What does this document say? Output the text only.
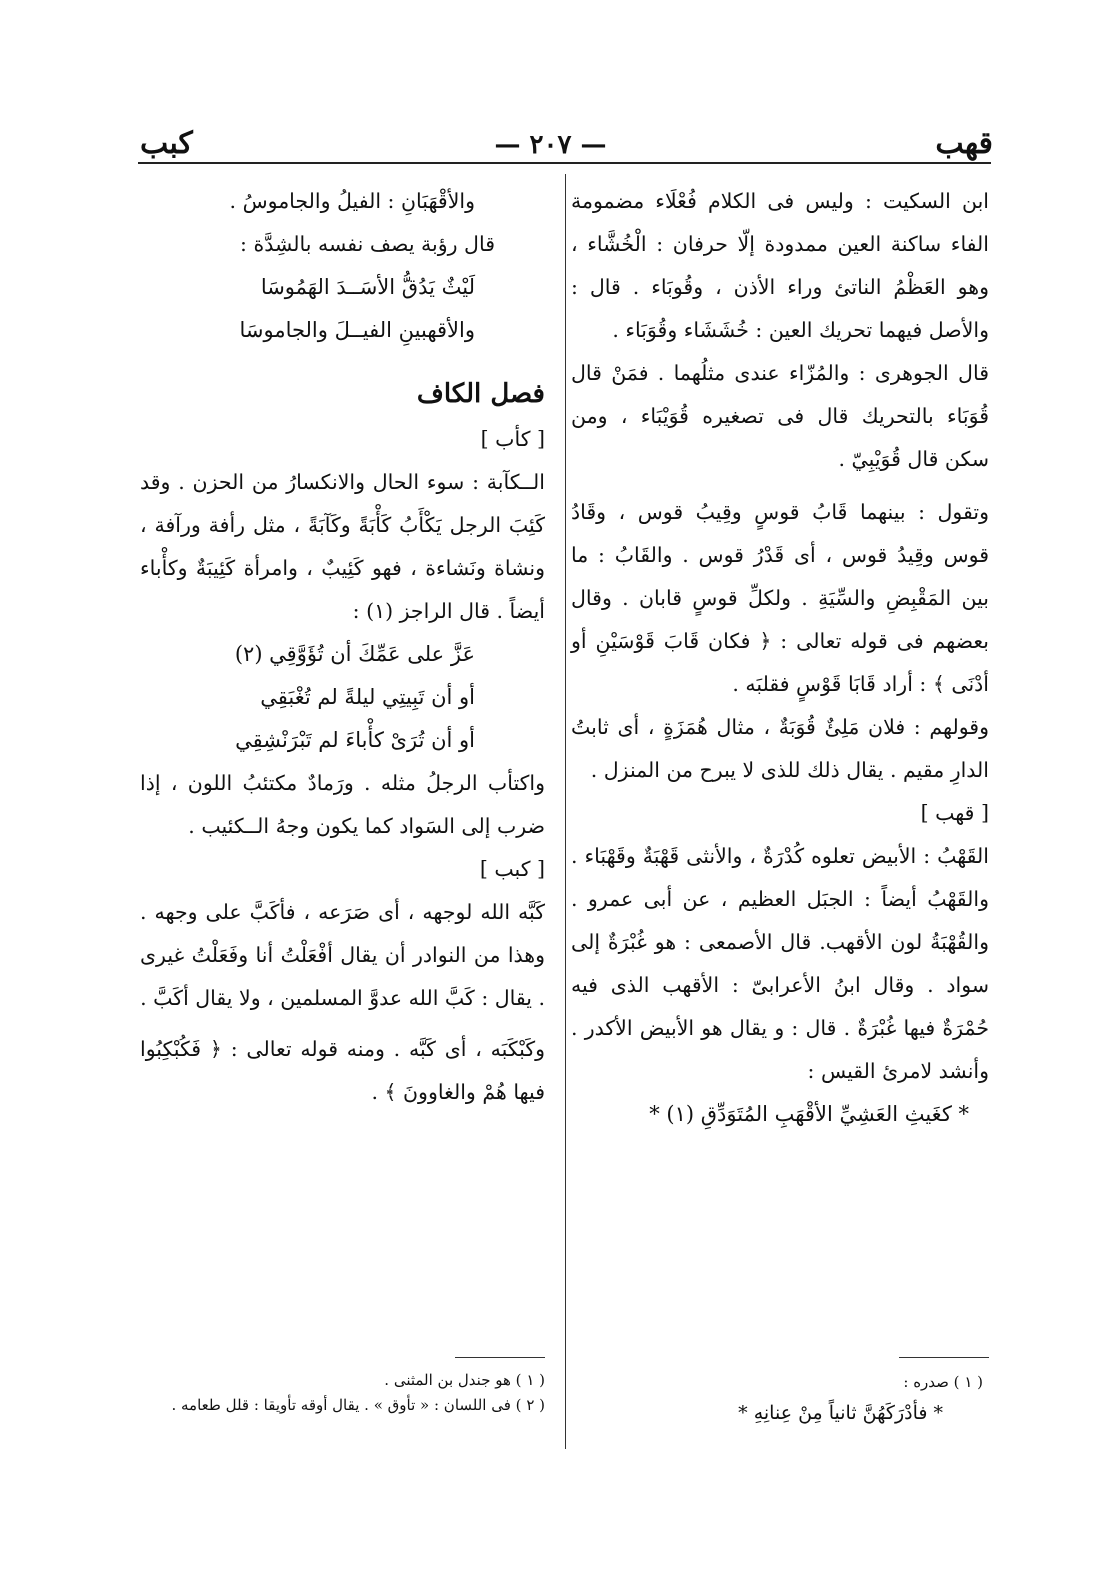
قهب
— ٢٠٧ —
كبب

ابن السكيت : وليس فى الكلام فُعْلَاء مضمومة الفاء ساكنة العين ممدودة إلّا حرفان : الْخُشَّاء ، وهو العَظْمُ الناتئ وراء الأذن ، وقُوبَاء . قال : والأصل فيهما تحريك العين : خُشَشَاء وقُوَبَاء .

قال الجوهرى : والمُزّاء عندى مثلُهما . فمَنْ قال قُوَبَاء بالتحريك قال فى تصغيره قُوَيْبَاء ، ومن سكن قال قُوَيْبِيّ .

وتقول : بينهما قَابُ قوسٍ وقِيبُ قوس ، وقَادُ قوس وقِيدُ قوس ، أى قَدْرُ قوس . والقَابُ : ما بين المَقْبِضِ والسِّيَةِ . ولكلِّ قوسٍ قابان . وقال بعضهم فى قوله تعالى : ﴿ فكان قَابَ قَوْسَيْنِ أو أدْنَى ﴾ : أراد قَابَا قَوْسٍ فقلبَه .

وقولهم : فلان مَلِئٌ قُوَبَةٌ ، مثال هُمَزَةٍ ، أى ثابتُ الدارِ مقيم . يقال ذلك للذى لا يبرح من المنزل .

[ قهب ]

القَهْبُ : الأبيض تعلوه كُدْرَةٌ ، والأنثى قَهْبَةٌ وقَهْبَاء . والقَهْبُ أيضاً : الجبَل العظيم ، عن أبى عمرو . والقُهْبَةُ لون الأقهب. قال الأصمعى : هو غُبْرَةٌ إلى سواد . وقال ابنُ الأعرابىّ : الأقهب الذى فيه حُمْرَةٌ فيها غُبْرَةٌ . قال : و يقال هو الأبيض الأكدر . وأنشد لامرئ القيس :

* كغَيثِ العَشِيِّ الأقْهَبِ المُتَوَدِّقِ (١) *

والأقْهَبَانِ : الفيلُ والجاموسُ .

قال رؤبة يصف نفسه بالشِدَّة :

لَيْثٌ يَدُقُّ الأسَــدَ الهَمُوسَا

والأقهبينِ الفيــلَ والجاموسَا

فصل الكاف

[ كأب ]

الــكآبة : سوء الحال والانكسارُ من الحزن . وقد كَئِبَ الرجل يَكْأَبُ كَأْبَةً وكَآبَةً ، مثل رأفة ورآفة ، ونشاة ونَشاءة ، فهو كَئِيبٌ ، وامرأة كَئِيبَةٌ وكأْباء أيضاً . قال الراجز (١) :

عَزَّ على عَمِّكَ أن تُؤَوَّقِي (٢)

أو أن تَبِيتِي ليلةً لم تُغْبَقِي

أو أن تُرَىْ كأْباءَ لم تَبْرَنْشِقِي

واكتأب الرجلُ مثله . ورَمادٌ مكتئبُ اللون ، إذا ضرب إلى السَواد كما يكون وجهُ الــكئيب .

[ كبب ]

كَبَّه الله لوجهه ، أى صَرَعه ، فأكَبَّ على وجهه . وهذا من النوادر أن يقال أفْعَلْتُ أنا وفَعَلْتُ غيرى . يقال : كَبَّ الله عدوَّ المسلمين ، ولا يقال أكَبَّ .

وكَبْكَبَه ، أى كَبَّه . ومنه قوله تعالى : ﴿ فَكُبْكِبُوا فيها هُمْ والغاوونَ ﴾ .

( ١ ) صدره :

* فأدْرَكَهُنَّ ثانياً مِنْ عِنانِهِ *

( ١ ) هو جندل بن المثنى .

( ٢ ) فى اللسان : « تأوق » . يقال أوقه تأويقا : قلل طعامه .
